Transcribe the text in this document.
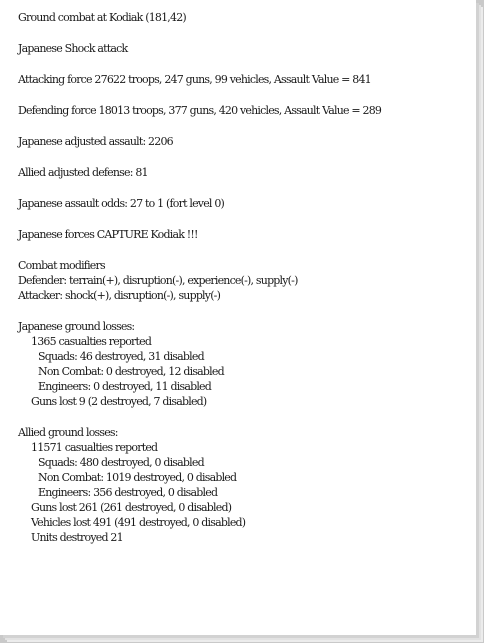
Ground combat at Kodiak (181,42)

Japanese Shock attack

Attacking force 27622 troops, 247 guns, 99 vehicles, Assault Value = 841

Defending force 18013 troops, 377 guns, 420 vehicles, Assault Value = 289

Japanese adjusted assault: 2206

Allied adjusted defense: 81

Japanese assault odds: 27 to 1 (fort level 0)

Japanese forces CAPTURE Kodiak !!!

Combat modifiers

Defender: terrain(+), disruption(-), experience(-), supply(-)

Attacker: shock(+), disruption(-), supply(-)

Japanese ground losses:

1365 casualties reported

Squads: 46 destroyed, 31 disabled

Non Combat: 0 destroyed, 12 disabled

Engineers: 0 destroyed, 11 disabled

Guns lost 9 (2 destroyed, 7 disabled)

Allied ground losses:

11571 casualties reported

Squads: 480 destroyed, 0 disabled

Non Combat: 1019 destroyed, 0 disabled

Engineers: 356 destroyed, 0 disabled

Guns lost 261 (261 destroyed, 0 disabled)

Vehicles lost 491 (491 destroyed, 0 disabled)

Units destroyed 21
